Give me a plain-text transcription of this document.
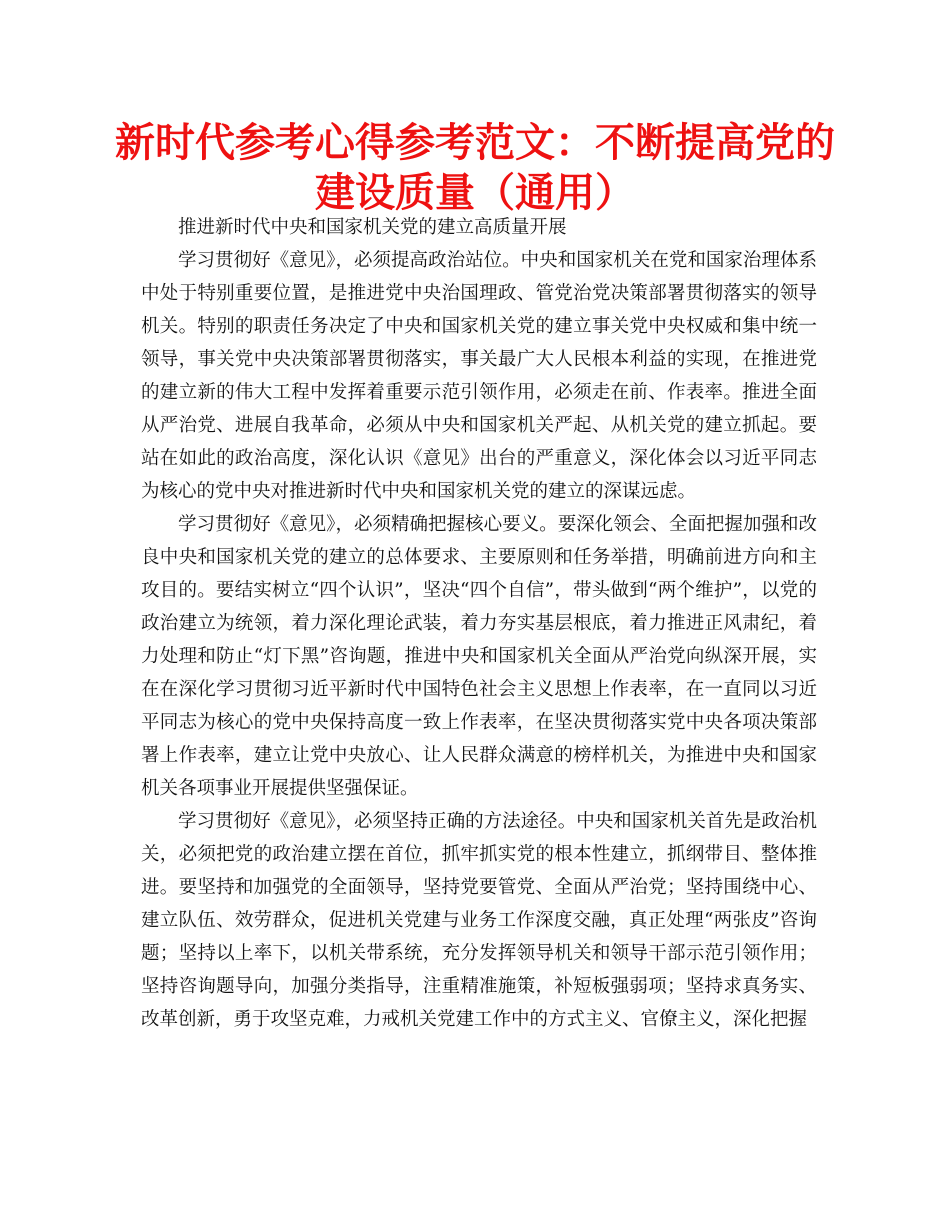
新时代参考心得参考范文：不断提高党的
建设质量（通用）

推进新时代中央和国家机关党的建立高质量开展

学习贯彻好《意见》，必须提高政治站位。中央和国家机关在党和国家治理体系中处于特别重要位置，是推进党中央治国理政、管党治党决策部署贯彻落实的领导机关。特别的职责任务决定了中央和国家机关党的建立事关党中央权威和集中统一领导，事关党中央决策部署贯彻落实，事关最广大人民根本利益的实现，在推进党的建立新的伟大工程中发挥着重要示范引领作用，必须走在前、作表率。推进全面从严治党、进展自我革命，必须从中央和国家机关严起、从机关党的建立抓起。要站在如此的政治高度，深化认识《意见》出台的严重意义，深化体会以习近平同志为核心的党中央对推进新时代中央和国家机关党的建立的深谋远虑。

学习贯彻好《意见》，必须精确把握核心要义。要深化领会、全面把握加强和改良中央和国家机关党的建立的总体要求、主要原则和任务举措，明确前进方向和主攻目的。要结实树立“四个认识”，坚决“四个自信”，带头做到“两个维护”，以党的政治建立为统领，着力深化理论武装，着力夯实基层根底，着力推进正风肃纪，着力处理和防止“灯下黑”咨询题，推进中央和国家机关全面从严治党向纵深开展，实在在深化学习贯彻习近平新时代中国特色社会主义思想上作表率，在一直同以习近平同志为核心的党中央保持高度一致上作表率，在坚决贯彻落实党中央各项决策部署上作表率，建立让党中央放心、让人民群众满意的榜样机关，为推进中央和国家机关各项事业开展提供坚强保证。

学习贯彻好《意见》，必须坚持正确的方法途径。中央和国家机关首先是政治机关，必须把党的政治建立摆在首位，抓牢抓实党的根本性建立，抓纲带目、整体推进。要坚持和加强党的全面领导，坚持党要管党、全面从严治党；坚持围绕中心、建立队伍、效劳群众，促进机关党建与业务工作深度交融，真正处理“两张皮”咨询题；坚持以上率下，以机关带系统，充分发挥领导机关和领导干部示范引领作用；坚持咨询题导向，加强分类指导，注重精准施策，补短板强弱项；坚持求真务实、改革创新，勇于攻坚克难，力戒机关党建工作中的方式主义、官僚主义，深化把握
